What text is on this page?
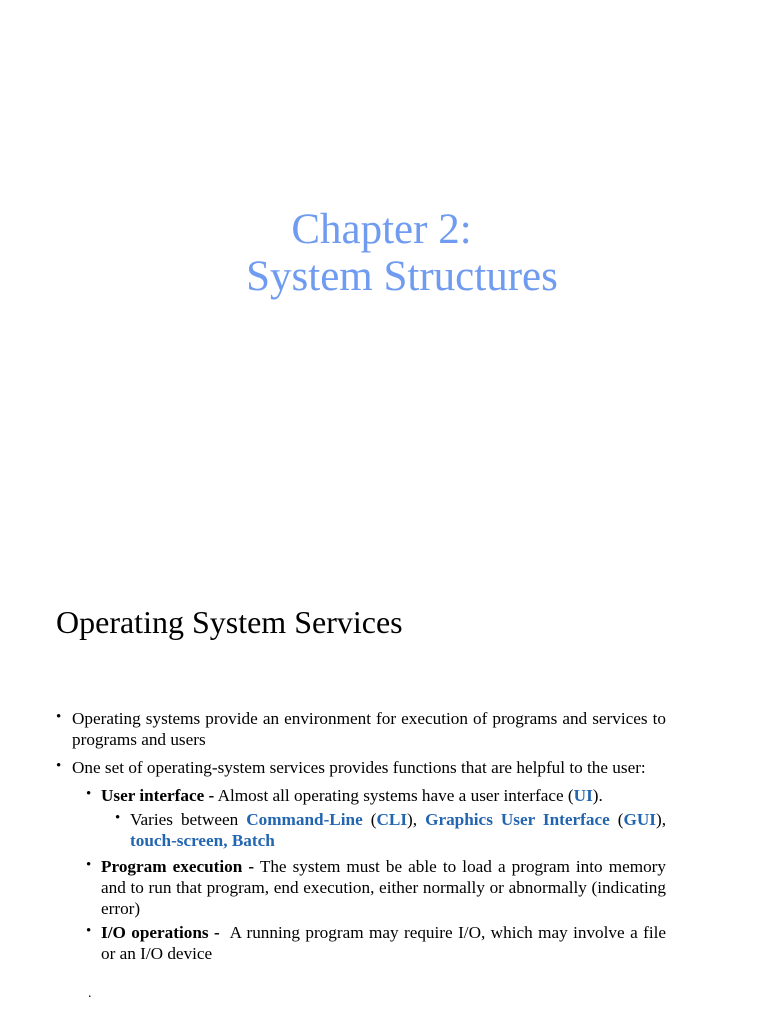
Chapter 2:
System Structures
Operating System Services
• Operating systems provide an environment for execution of programs and services to programs and users
• One set of operating-system services provides functions that are helpful to the user:
• User interface - Almost all operating systems have a user interface (UI).
• Varies between Command-Line (CLI), Graphics User Interface (GUI), touch-screen, Batch
• Program execution - The system must be able to load a program into memory and to run that program, end execution, either normally or abnormally (indicating error)
• I/O operations -  A running program may require I/O, which may involve a file or an I/O device
.
